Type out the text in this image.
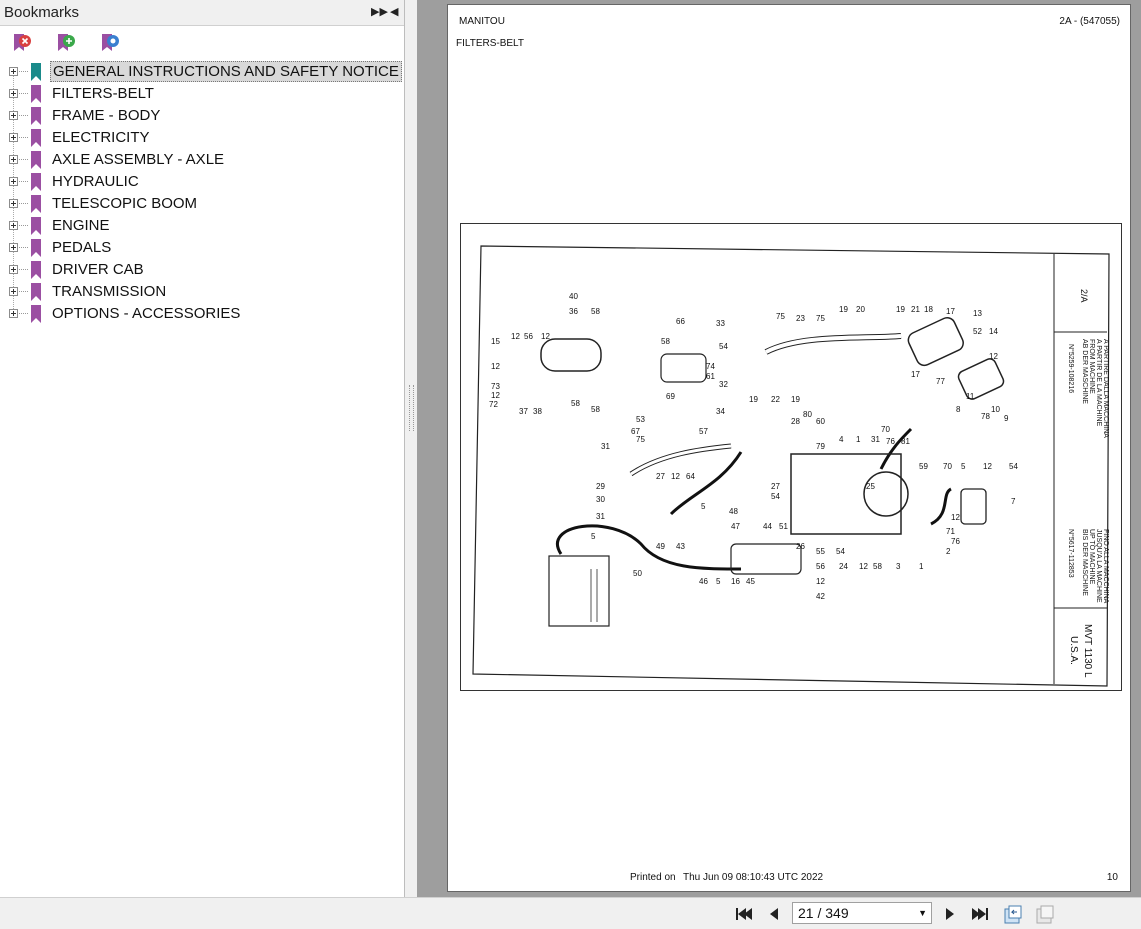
Bookmarks	▶▶ ◀
GENERAL INSTRUCTIONS AND SAFETY NOTICE
FILTERS-BELT
FRAME - BODY
ELECTRICITY
AXLE ASSEMBLY - AXLE
HYDRAULIC
TELESCOPIC BOOM
ENGINE
PEDALS
DRIVER CAB
TRANSMISSION
OPTIONS - ACCESSORIES
MANITOU	2A - (547055)
FILTERS-BELT
40
36 58
15
12 56 12
12
73
12
72
37 38
58
58
66	33
54
58
74
61
32
34
53
69
75 23 75
19 20	19 21 18 17 13
52 14
12
17
77
11
10
78 9
8
19 22 19
80
28 60
70
76 81
31
1
4
79
31
67
75
57
29
30
31
64
12
27
49 43
5
48
47	44 51
46 5 16 45
56
12
42
26
55 54
24 12 58 3 1
2
76
71
12
7
70 5 12 54
59
50
5
27
54
25
2/A
MVT 1130 L
U.S.A.
A PARTIRE DALLA MACCHINA
A PARTIR DE LA MACHINE
FROM MACHINE
AB DER MASCHINE
N°5259-108216
FINO ALLA MACCHINA
JUSQU'A LA MACHINE
UP TO MACHINE
BIS DER MASCHINE
N°5617-112853
Printed on Thu Jun 09 08:10:43 UTC 2022	10
21 / 349	▼
